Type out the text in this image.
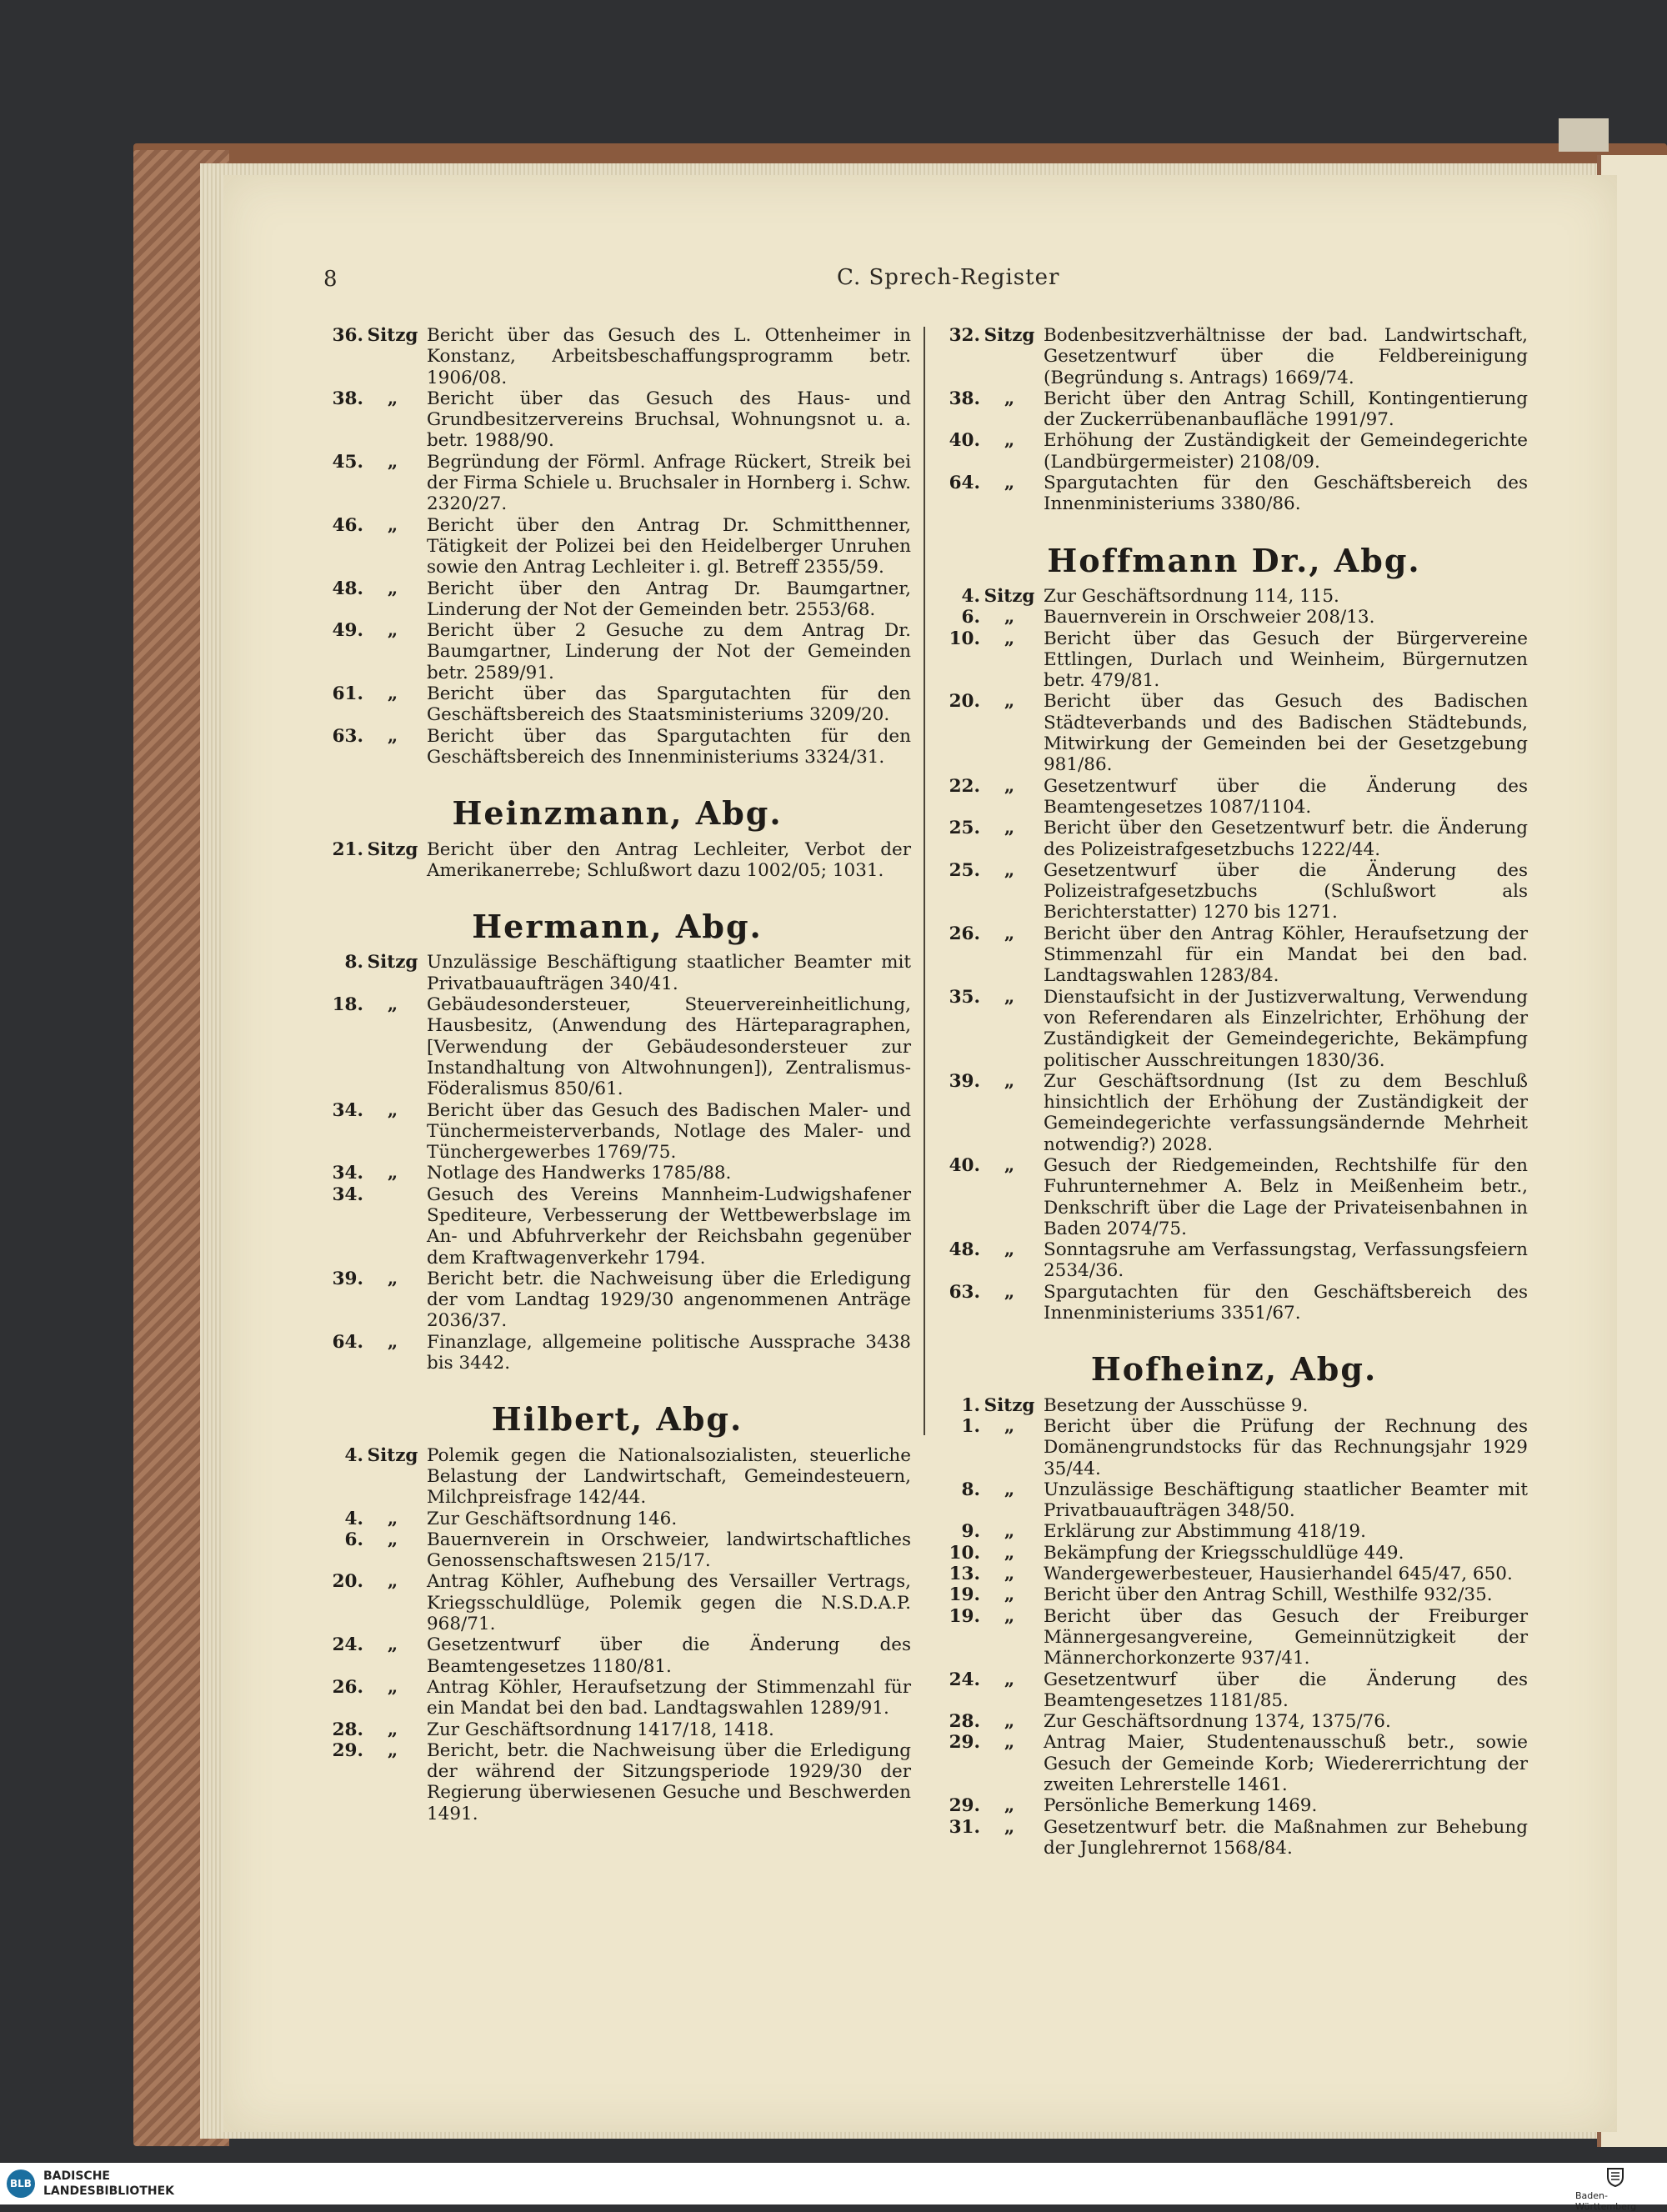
8	C. Sprech-Register
36. Sitzg Bericht über das Gesuch des L. Ottenheimer in Konstanz, Arbeitsbeschaffungsprogramm betr. 1906/08.
38.	„	Bericht über das Gesuch des Haus- und Grundbesitzervereins Bruchsal, Wohnungsnot u. a. betr. 1988/90.
45.	„	Begründung der Förml. Anfrage Rückert, Streik bei der Firma Schiele u. Bruchsaler in Hornberg i. Schw. 2320/27.
46.	„	Bericht über den Antrag Dr. Schmitthenner, Tätigkeit der Polizei bei den Heidelberger Unruhen sowie den Antrag Lechleiter i. gl. Betreff 2355/59.
48.	„	Bericht über den Antrag Dr. Baumgartner, Linderung der Not der Gemeinden betr. 2553/68.
49.	„	Bericht über 2 Gesuche zu dem Antrag Dr. Baumgartner, Linderung der Not der Gemeinden betr. 2589/91.
61.	„	Bericht über das Spargutachten für den Geschäftsbereich des Staatsministeriums 3209/20.
63.	„	Bericht über das Spargutachten für den Geschäftsbereich des Innenministeriums 3324/31.
Heinzmann, Abg.
21. Sitzg Bericht über den Antrag Lechleiter, Verbot der Amerikanerrebe; Schlußwort dazu 1002/05; 1031.
Hermann, Abg.
8. Sitzg Unzulässige Beschäftigung staatlicher Beamter mit Privatbauaufträgen 340/41.
18.	„	Gebäudesondersteuer, Steuervereinheitlichung, Hausbesitz, (Anwendung des Härteparagraphen, [Verwendung der Gebäudesondersteuer zur Instandhaltung von Altwohnungen]), Zentralismus-Föderalismus 850/61.
34.	„	Bericht über das Gesuch des Badischen Maler- und Tünchermeisterverbands, Notlage des Maler- und Tünchergewerbes 1769/75.
34.	„	Notlage des Handwerks 1785/88.
34.	Gesuch des Vereins Mannheim-Ludwigshafener Spediteure, Verbesserung der Wettbewerbslage im An- und Abfuhrverkehr der Reichsbahn gegenüber dem Kraftwagenverkehr 1794.
39.	„	Bericht betr. die Nachweisung über die Erledigung der vom Landtag 1929/30 angenommenen Anträge 2036/37.
64.	„	Finanzlage, allgemeine politische Aussprache 3438 bis 3442.
Hilbert, Abg.
4. Sitzg Polemik gegen die Nationalsozialisten, steuerliche Belastung der Landwirtschaft, Gemeindesteuern, Milchpreisfrage 142/44.
4.	„	Zur Geschäftsordnung 146.
6.	„	Bauernverein in Orschweier, landwirtschaftliches Genossenschaftswesen 215/17.
20.	„	Antrag Köhler, Aufhebung des Versailler Vertrags, Kriegsschuldlüge, Polemik gegen die N.S.D.A.P. 968/71.
24.	„	Gesetzentwurf über die Änderung des Beamtengesetzes 1180/81.
26.	„	Antrag Köhler, Heraufsetzung der Stimmenzahl für ein Mandat bei den bad. Landtagswahlen 1289/91.
28.	„	Zur Geschäftsordnung 1417/18, 1418.
29.	„	Bericht, betr. die Nachweisung über die Erledigung der während der Sitzungsperiode 1929/30 der Regierung überwiesenen Gesuche und Beschwerden 1491.
32. Sitzg Bodenbesitzverhältnisse der bad. Landwirtschaft, Gesetzentwurf über die Feldbereinigung (Begründung s. Antrags) 1669/74.
38.	„	Bericht über den Antrag Schill, Kontingentierung der Zuckerrübenanbaufläche 1991/97.
40.	„	Erhöhung der Zuständigkeit der Gemeindegerichte (Landbürgermeister) 2108/09.
64.	„	Spargutachten für den Geschäftsbereich des Innenministeriums 3380/86.
Hoffmann Dr., Abg.
4. Sitzg Zur Geschäftsordnung 114, 115.
6.	„	Bauernverein in Orschweier 208/13.
10.	„	Bericht über das Gesuch der Bürgervereine Ettlingen, Durlach und Weinheim, Bürgernutzen betr. 479/81.
20.	„	Bericht über das Gesuch des Badischen Städteverbands und des Badischen Städtebunds, Mitwirkung der Gemeinden bei der Gesetzgebung 981/86.
22.	„	Gesetzentwurf über die Änderung des Beamtengesetzes 1087/1104.
25.	„	Bericht über den Gesetzentwurf betr. die Änderung des Polizeistrafgesetzbuchs 1222/44.
25.	„	Gesetzentwurf über die Änderung des Polizeistrafgesetzbuchs (Schlußwort als Berichterstatter) 1270 bis 1271.
26.	„	Bericht über den Antrag Köhler, Heraufsetzung der Stimmenzahl für ein Mandat bei den bad. Landtagswahlen 1283/84.
35.	„	Dienstaufsicht in der Justizverwaltung, Verwendung von Referendaren als Einzelrichter, Erhöhung der Zuständigkeit der Gemeindegerichte, Bekämpfung politischer Ausschreitungen 1830/36.
39.	„	Zur Geschäftsordnung (Ist zu dem Beschluß hinsichtlich der Erhöhung der Zuständigkeit der Gemeindegerichte verfassungsändernde Mehrheit notwendig?) 2028.
40.	„	Gesuch der Riedgemeinden, Rechtshilfe für den Fuhrunternehmer A. Belz in Meißenheim betr., Denkschrift über die Lage der Privateisenbahnen in Baden 2074/75.
48.	„	Sonntagsruhe am Verfassungstag, Verfassungsfeiern 2534/36.
63.	„	Spargutachten für den Geschäftsbereich des Innenministeriums 3351/67.
Hofheinz, Abg.
1. Sitzg Besetzung der Ausschüsse 9.
1.	„	Bericht über die Prüfung der Rechnung des Domänengrundstocks für das Rechnungsjahr 1929 35/44.
8.	„	Unzulässige Beschäftigung staatlicher Beamter mit Privatbauaufträgen 348/50.
9.	„	Erklärung zur Abstimmung 418/19.
10.	„	Bekämpfung der Kriegsschuldlüge 449.
13.	„	Wandergewerbesteuer, Hausierhandel 645/47, 650.
19.	„	Bericht über den Antrag Schill, Westhilfe 932/35.
19.	„	Bericht über das Gesuch der Freiburger Männergesangvereine, Gemeinnützigkeit der Männerchorkonzerte 937/41.
24.	„	Gesetzentwurf über die Änderung des Beamtengesetzes 1181/85.
28.	„	Zur Geschäftsordnung 1374, 1375/76.
29.	„	Antrag Maier, Studentenausschuß betr., sowie Gesuch der Gemeinde Korb; Wiedererrichtung der zweiten Lehrerstelle 1461.
29.	„	Persönliche Bemerkung 1469.
31.	„	Gesetzentwurf betr. die Maßnahmen zur Behebung der Junglehrernot 1568/84.
BLB
BADISCHE
LANDESBIBLIOTHEK	Baden-Württemberg
